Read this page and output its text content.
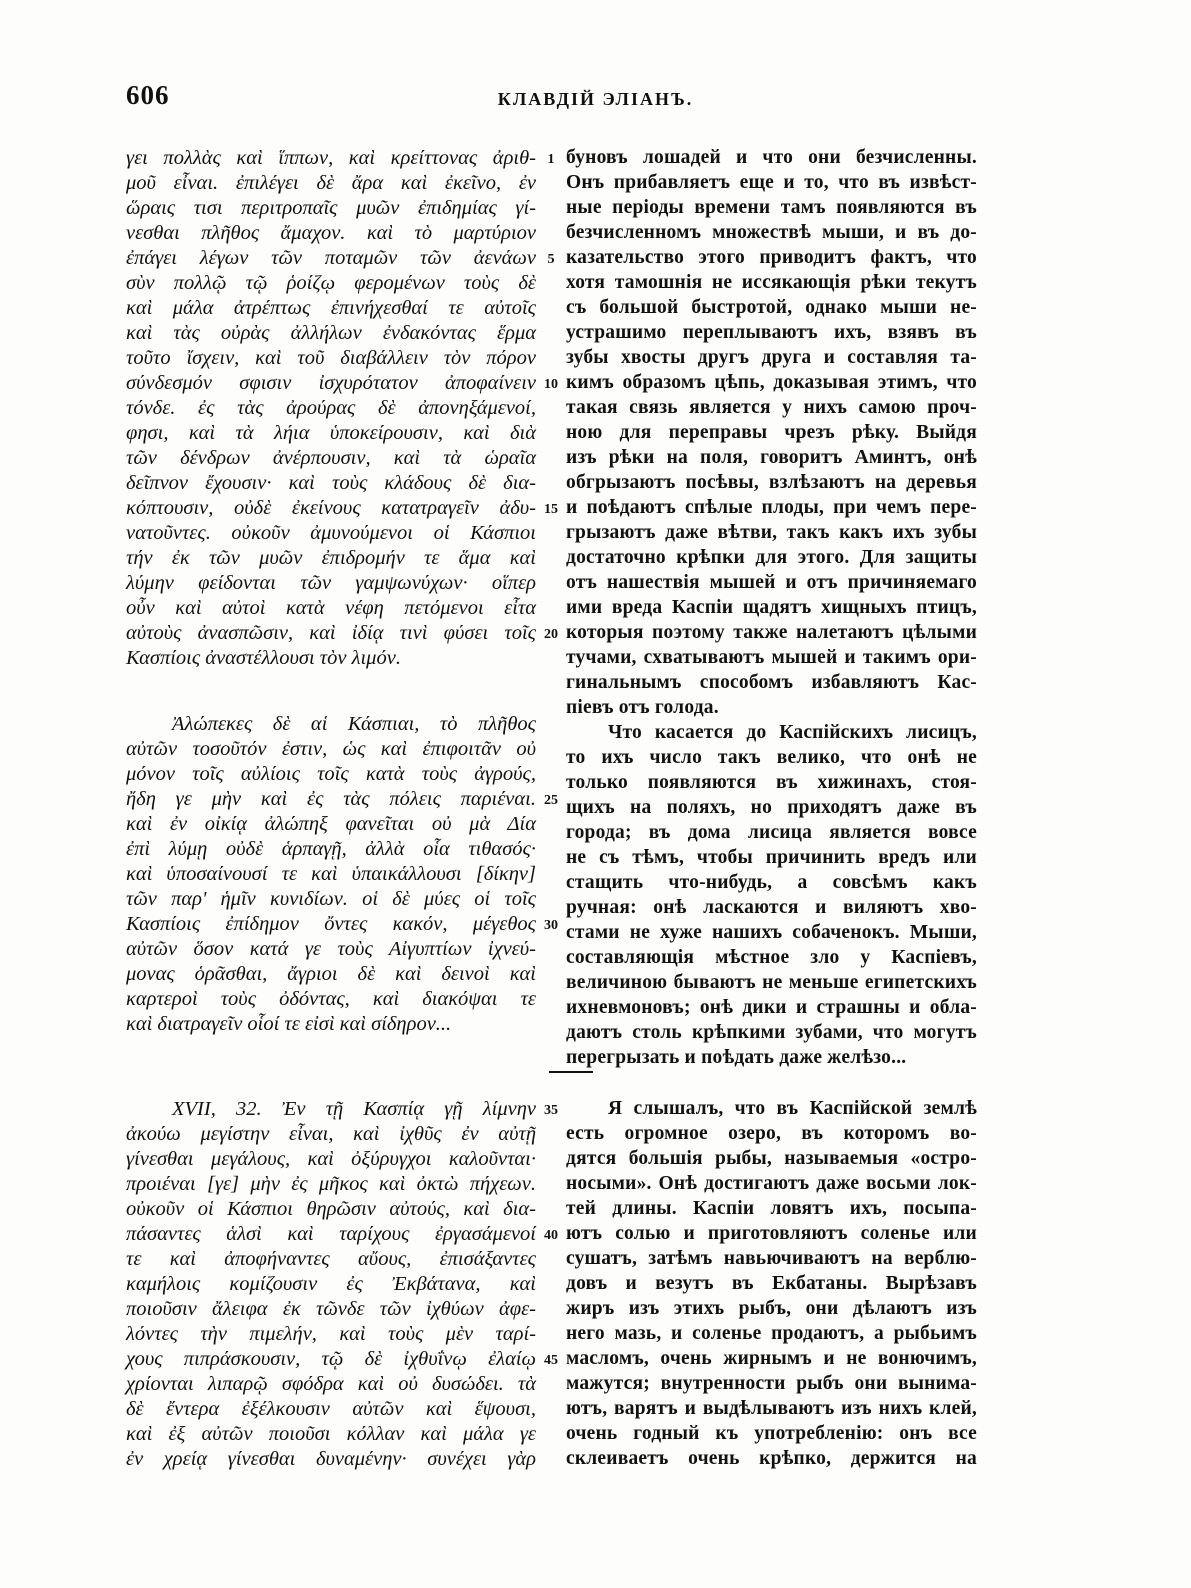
606	КЛАВДІЙ ЭЛІАНЪ.
γει πολλὰς καὶ ἵππων, καὶ κρείττονας ἀριθ-
μοῦ εἶναι. ἐπιλέγει δὲ ἄρα καὶ ἐκεῖνο, ἐν
ὥραις τισι περιτροπαῖς μυῶν ἐπιδημίας γί-
νεσθαι πλῆθος ἄμαχον. καὶ τὸ μαρτύριον
ἐπάγει λέγων τῶν ποταμῶν τῶν ἀενάων
σὺν πολλῷ τῷ ῥοίζῳ φερομένων τοὺς δὲ
καὶ μάλα ἀτρέπτως ἐπινήχεσθαί τε αὐτοῖς
καὶ τὰς οὐρὰς ἀλλήλων ἐνδακόντας ἕρμα
τοῦτο ἴσχειν, καὶ τοῦ διαβάλλειν τὸν πόρον
σύνδεσμόν σφισιν ἰσχυρότατον ἀποφαίνειν
τόνδε. ἐς τὰς ἀρούρας δὲ ἀπονηξάμενοί,
φησι, καὶ τὰ λήια ὑποκείρουσιν, καὶ διὰ
τῶν δένδρων ἀνέρπουσιν, καὶ τὰ ὡραῖα
δεῖπνον ἔχουσιν· καὶ τοὺς κλάδους δὲ δια-
κόπτουσιν, οὐδὲ ἐκείνους κατατραγεῖν ἀδυ-
νατοῦντες. οὐκοῦν ἀμυνούμενοι οἱ Κάσπιοι
τήν ἐκ τῶν μυῶν ἐπιδρομήν τε ἅμα καὶ
λύμην φείδονται τῶν γαμψωνύχων· οἵπερ
οὖν καὶ αὐτοὶ κατὰ νέφη πετόμενοι εἶτα
αὐτοὺς ἀνασπῶσιν, καὶ ἰδίᾳ τινὶ φύσει τοῖς
Κασπίοις ἀναστέλλουσι τὸν λιμόν.
Ἀλώπεκες δὲ αἱ Κάσπιαι, τὸ πλῆθος
αὐτῶν τοσοῦτόν ἐστιν, ὡς καὶ ἐπιφοιτᾶν οὐ
μόνον τοῖς αὐλίοις τοῖς κατὰ τοὺς ἀγρούς,
ἤδη γε μὴν καὶ ἐς τὰς πόλεις παριέναι.
καὶ ἐν οἰκίᾳ ἀλώπηξ φανεῖται οὐ μὰ Δία
ἐπὶ λύμῃ οὐδὲ ἁρπαγῇ, ἀλλὰ οἷα τιθασός·
καὶ ὑποσαίνουσί τε καὶ ὑπαικάλλουσι [δίκην]
τῶν παρ' ἡμῖν κυνιδίων. οἱ δὲ μύες οἱ τοῖς
Κασπίοις ἐπίδημον ὄντες κακόν, μέγεθος
αὐτῶν ὅσον κατά γε τοὺς Αἰγυπτίων ἰχνεύ-
μονας ὁρᾶσθαι, ἄγριοι δὲ καὶ δεινοὶ καὶ
καρτεροὶ τοὺς ὀδόντας, καὶ διακόψαι τε
καὶ διατραγεῖν οἷοί τε εἰσὶ καὶ σίδηρον...
XVII, 32. Ἐν τῇ Κασπίᾳ γῇ λίμνην
ἀκούω μεγίστην εἶναι, καὶ ἰχθῦς ἐν αὐτῇ
γίνεσθαι μεγάλους, καὶ ὀξύρυγχοι καλοῦνται·
προιέναι [γε] μὴν ἐς μῆκος καὶ ὀκτὼ πήχεων.
οὐκοῦν οἱ Κάσπιοι θηρῶσιν αὐτούς, καὶ δια-
πάσαντες ἁλσὶ καὶ ταρίχους ἐργασάμενοί
τε καὶ ἀποφήναντες αὔους, ἐπισάξαντες
καμήλοις κομίζουσιν ἐς Ἐκβάτανα, καὶ
ποιοῦσιν ἄλειφα ἐκ τῶνδε τῶν ἰχθύων ἀφε-
λόντες τὴν πιμελήν, καὶ τοὺς μὲν ταρί-
χους πιπράσκουσιν, τῷ δὲ ἰχθυΐνῳ ἐλαίῳ
χρίονται λιπαρῷ σφόδρα καὶ οὐ δυσώδει. τὰ
δὲ ἔντερα ἐξέλκουσιν αὐτῶν καὶ ἕψουσι,
καὶ ἐξ αὐτῶν ποιοῦσι κόλλαν καὶ μάλα γε
ἐν χρείᾳ γίνεσθαι δυναμένην· συνέχει γὰρ
1
5
10
15
20
25
30
35
40
45
буновъ лошадей и что они безчисленны.
Онъ прибавляетъ еще и то, что въ извѣст-
ные періоды времени тамъ появляются въ
безчисленномъ множествѣ мыши, и въ до-
казательство этого приводитъ фактъ, что
хотя тамошнія не иссякающія рѣки текутъ
съ большой быстротой, однако мыши не-
устрашимо переплываютъ ихъ, взявъ въ
зубы хвосты другъ друга и составляя та-
кимъ образомъ цѣпь, доказывая этимъ, что
такая связь является у нихъ самою проч-
ною для переправы чрезъ рѣку. Выйдя
изъ рѣки на поля, говоритъ Аминтъ, онѣ
обгрызаютъ посѣвы, взлѣзаютъ на деревья
и поѣдаютъ спѣлые плоды, при чемъ пере-
грызаютъ даже вѣтви, такъ какъ ихъ зубы
достаточно крѣпки для этого. Для защиты
отъ нашествія мышей и отъ причиняемаго
ими вреда Каспіи щадятъ хищныхъ птицъ,
которыя поэтому также налетаютъ цѣлыми
тучами, схватываютъ мышей и такимъ ори-
гинальнымъ способомъ избавляютъ Кас-
піевъ отъ голода.
Что касается до Каспійскихъ лисицъ,
то ихъ число такъ велико, что онѣ не
только появляются въ хижинахъ, стоя-
щихъ на поляхъ, но приходятъ даже въ
города; въ дома лисица является вовсе
не съ тѣмъ, чтобы причинить вредъ или
стащить что-нибудь, а совсѣмъ какъ
ручная: онѣ ласкаются и виляютъ хво-
стами не хуже нашихъ собаченокъ. Мыши,
составляющія мѣстное зло у Каспіевъ,
величиною бываютъ не меньше египетскихъ
ихневмоновъ; онѣ дики и страшны и обла-
даютъ столь крѣпкими зубами, что могутъ
перегрызать и поѣдать даже желѣзо...
Я слышалъ, что въ Каспійской землѣ
есть огромное озеро, въ которомъ во-
дятся большія рыбы, называемыя «остро-
носыми». Онѣ достигаютъ даже восьми лок-
тей длины. Каспіи ловятъ ихъ, посыпа-
ютъ солью и приготовляютъ соленье или
сушатъ, затѣмъ навьючиваютъ на верблю-
довъ и везутъ въ Екбатаны. Вырѣзавъ
жиръ изъ этихъ рыбъ, они дѣлаютъ изъ
него мазь, и соленье продаютъ, а рыбьимъ
масломъ, очень жирнымъ и не вонючимъ,
мажутся; внутренности рыбъ они вынима-
ютъ, варятъ и выдѣлываютъ изъ нихъ клей,
очень годный къ употребленію: онъ все
склеиваетъ очень крѣпко, держится на
